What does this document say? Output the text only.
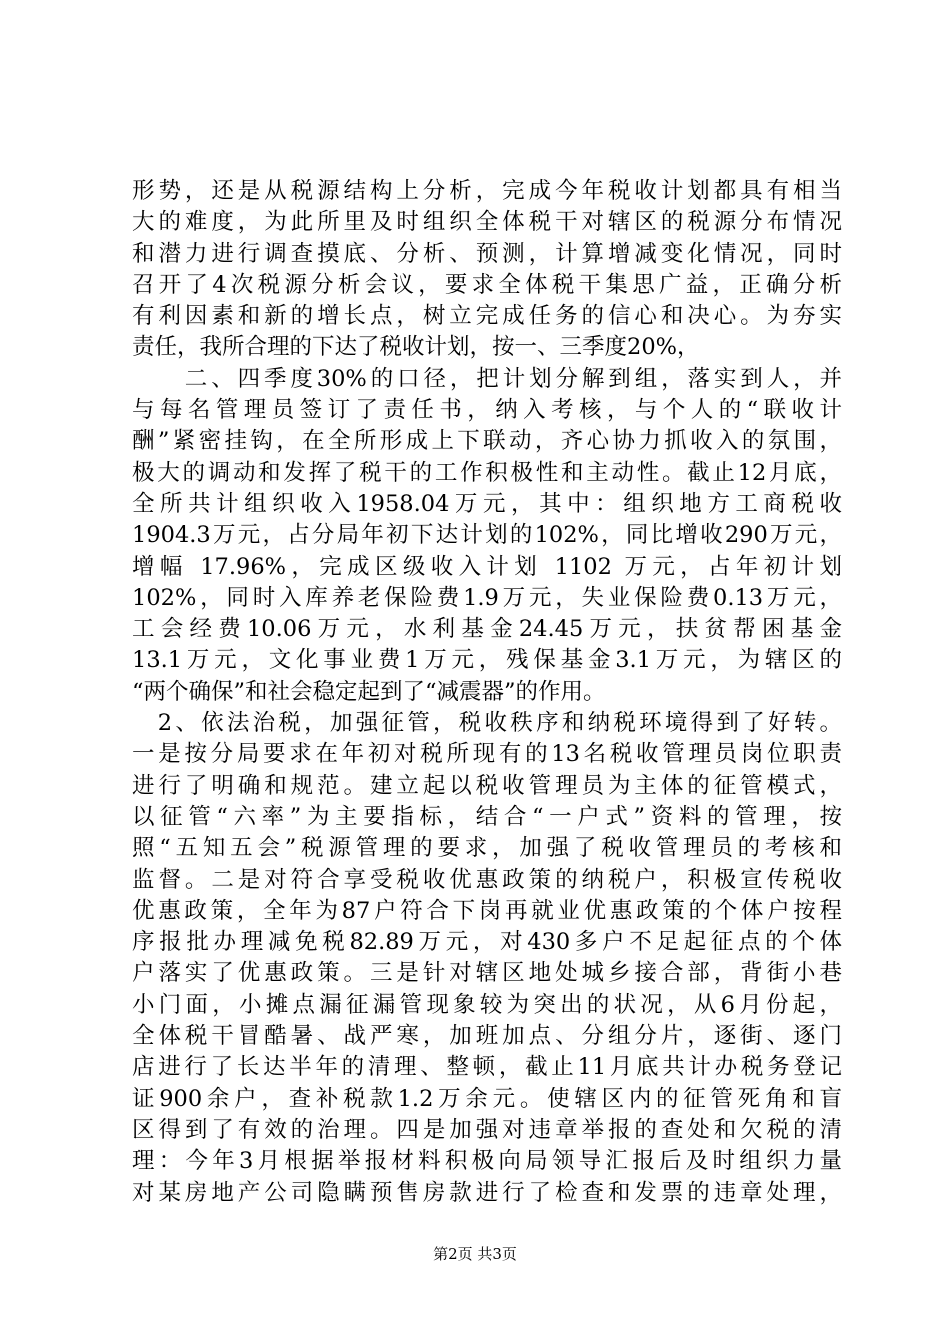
形势，还是从税源结构上分析，完成今年税收计划都具有相当
大的难度，为此所里及时组织全体税干对辖区的税源分布情况
和潜力进行调查摸底、分析、预测，计算增减变化情况，同时
召开了4次税源分析会议，要求全体税干集思广益，正确分析
有利因素和新的增长点，树立完成任务的信心和决心。为夯实
责任，我所合理的下达了税收计划，按一、三季度20%，
　　二、四季度30%的口径，把计划分解到组，落实到人，并
与每名管理员签订了责任书，纳入考核，与个人的“联收计
酬”紧密挂钩，在全所形成上下联动，齐心协力抓收入的氛围，
极大的调动和发挥了税干的工作积极性和主动性。截止12月底，
全所共计组织收入1958.04万元，其中：组织地方工商税收
1904.3万元，占分局年初下达计划的102%，同比增收290万元，
增幅 17.96%，完成区级收入计划 1102 万元，占年初计划
102%，同时入库养老保险费1.9万元，失业保险费0.13万元，
工会经费10.06万元，水利基金24.45万元，扶贫帮困基金
13.1万元，文化事业费1万元，残保基金3.1万元，为辖区的
“两个确保”和社会稳定起到了“减震器”的作用。
　2、依法治税，加强征管，税收秩序和纳税环境得到了好转。
一是按分局要求在年初对税所现有的13名税收管理员岗位职责
进行了明确和规范。建立起以税收管理员为主体的征管模式，
以征管“六率”为主要指标，结合“一户式”资料的管理，按
照“五知五会”税源管理的要求，加强了税收管理员的考核和
监督。二是对符合享受税收优惠政策的纳税户，积极宣传税收
优惠政策，全年为87户符合下岗再就业优惠政策的个体户按程
序报批办理减免税82.89万元，对430多户不足起征点的个体
户落实了优惠政策。三是针对辖区地处城乡接合部，背街小巷
小门面，小摊点漏征漏管现象较为突出的状况，从6月份起，
全体税干冒酷暑、战严寒，加班加点、分组分片，逐街、逐门
店进行了长达半年的清理、整顿，截止11月底共计办税务登记
证900余户，查补税款1.2万余元。使辖区内的征管死角和盲
区得到了有效的治理。四是加强对违章举报的查处和欠税的清
理：今年3月根据举报材料积极向局领导汇报后及时组织力量
对某房地产公司隐瞒预售房款进行了检查和发票的违章处理，
第2页 共3页
